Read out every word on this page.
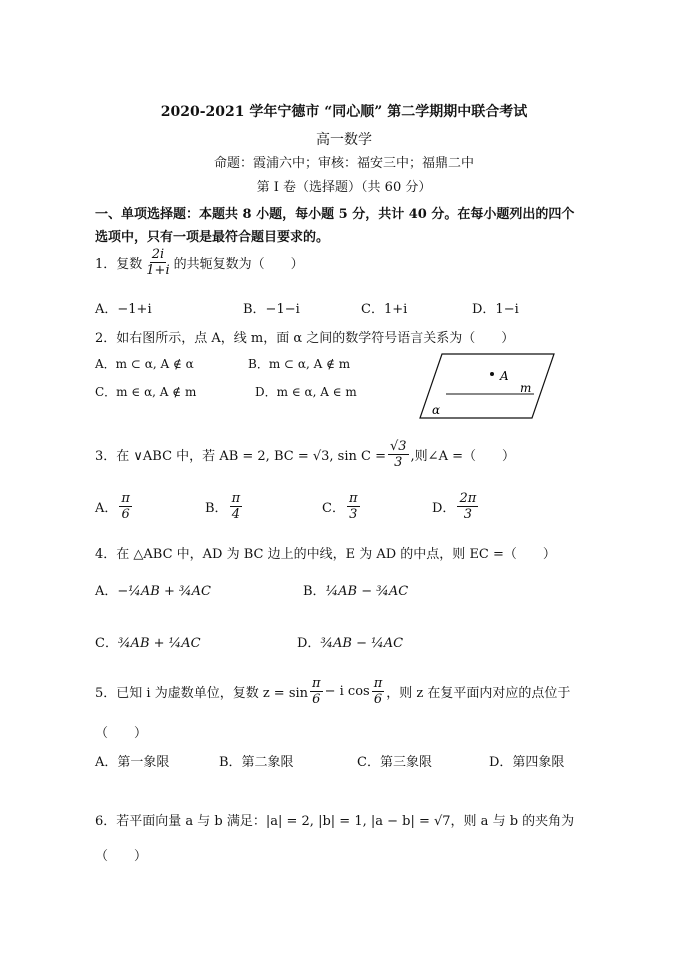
2020-2021 学年宁德市 “同心顺” 第二学期期中联合考试
高一数学
命题：霞浦六中；审核：福安三中；福鼎二中
第 Ⅰ 卷（选择题）（共 60 分）
一、单项选择题：本题共 8 小题，每小题 5 分，共计 40 分。在每小题列出的四个
选项中，只有一项是最符合题目要求的。
1．复数 $\frac{2i}{1+i}$ 的共轭复数为（　　）
A．−1+i	B．−1−i	C．1+i	D．1−i
2．如右图所示，点 A，线 m，面 α 之间的数学符号语言关系为（　　）
A．m ⊂ α, A ∉ α	B．m ⊂ α, A ∉ m
C．m ∈ α, A ∉ m	D．m ∈ α, A ∈ m
A
m
α
3．在 ∨ABC 中，若 AB = 2, BC = √3, $\sin C = \frac{√3}{3}$ ,则∠A =（　　）
A． $\frac{\pi}{6}$	B． $\frac{\pi}{4}$	C． $\frac{\pi}{3}$	D． $\frac{2\pi}{3}$
4．在 △ABC 中，AD 为 BC 边上的中线，E 为 AD 的中点，则 EC =（　　）
A．−¼AB + ¾AC	B．¼AB − ¾AC
C．¾AB + ¼AC	D．¾AB − ¼AC
5．已知 i 为虚数单位，复数 $z = \sin \frac{\pi}{6} - i$ $\cos \frac{\pi}{6}$ ，则 z 在复平面内对应的点位于
（　　）
A．第一象限	B．第二象限	C．第三象限	D．第四象限
6．若平面向量 a 与 b 满足：|a| = 2, |b| = 1, |a − b| = √7，则 a 与 b 的夹角为
（　　）
